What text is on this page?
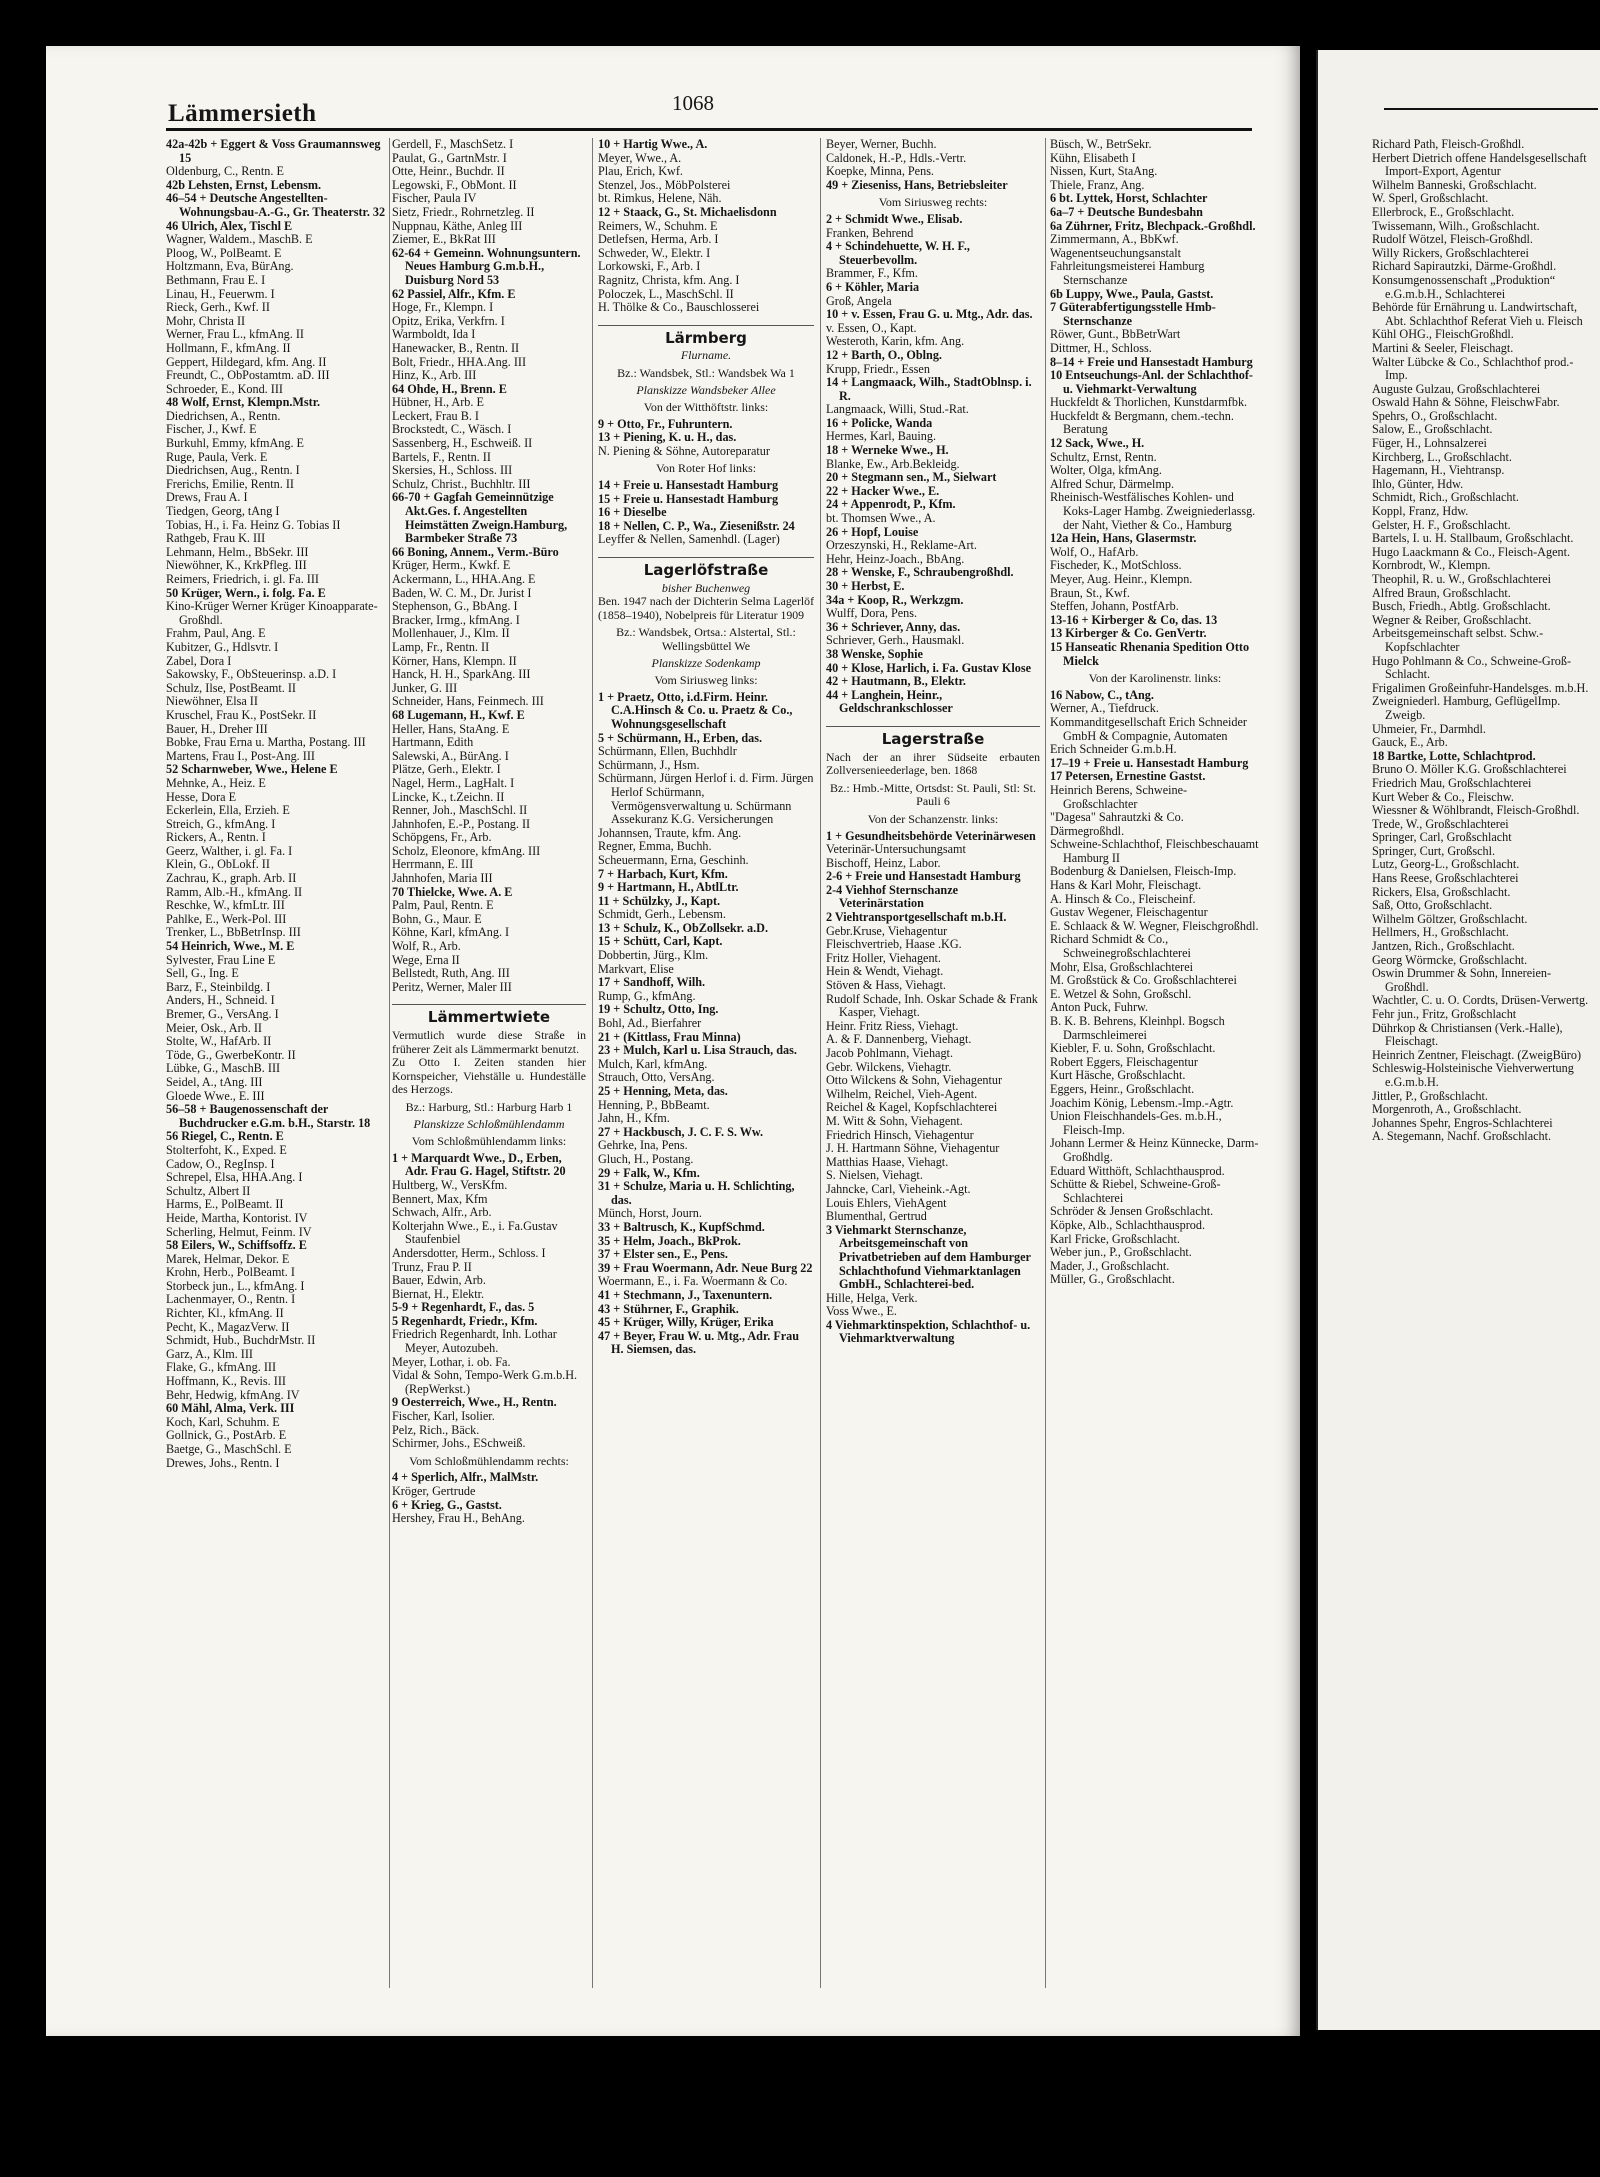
Lämmersieth	1068
42a-42b + Eggert & Voss Graumannsweg 15
Oldenburg, C., Rentn. E
42b Lehsten, Ernst, Lebensm.
46–54 + Deutsche Angestellten-Wohnungsbau-A.-G., Gr. Theaterstr. 32
46 Ulrich, Alex, Tischl E
Wagner, Waldem., MaschB. E
Ploog, W., PolBeamt. E
Holtzmann, Eva, BürAng.
Bethmann, Frau E. I
Linau, H., Feuerwm. I
Rieck, Gerh., Kwf. II
Mohr, Christa II
Werner, Frau L., kfmAng. II
Hollmann, F., kfmAng. II
Geppert, Hildegard, kfm. Ang. II
Freundt, C., ObPostamtm. aD. III
Schroeder, E., Kond. III
48 Wolf, Ernst, Klempn.Mstr.
Diedrichsen, A., Rentn.
Fischer, J., Kwf. E
Burkuhl, Emmy, kfmAng. E
Ruge, Paula, Verk. E
Diedrichsen, Aug., Rentn. I
Frerichs, Emilie, Rentn. II
Drews, Frau A. I
Tiedgen, Georg, tAng I
Tobias, H., i. Fa. Heinz G. Tobias II
Rathgeb, Frau K. III
Lehmann, Helm., BbSekr. III
Niewöhner, K., KrkPfleg. III
Reimers, Friedrich, i. gl. Fa. III
50 Krüger, Wern., i. folg. Fa. E
Kino-Krüger Werner Krüger Kinoapparate-Großhdl.
Frahm, Paul, Ang. E
Kubitzer, G., Hdlsvtr. I
Zabel, Dora I
Sakowsky, F., ObSteuerinsp. a.D. I
Schulz, Ilse, PostBeamt. II
Niewöhner, Elsa II
Kruschel, Frau K., PostSekr. II
Bauer, H., Dreher III
Bobke, Frau Erna u. Martha, Postang. III
Martens, Frau I., Post-Ang. III
52 Scharnweber, Wwe., Helene E
Mehnke, A., Heiz. E
Hesse, Dora E
Eckerlein, Ella, Erzieh. E
Streich, G., kfmAng. I
Rickers, A., Rentn. I
Geerz, Walther, i. gl. Fa. I
Klein, G., ObLokf. II
Zachrau, K., graph. Arb. II
Ramm, Alb.-H., kfmAng. II
Reschke, W., kfmLtr. III
Pahlke, E., Werk-Pol. III
Trenker, L., BbBetrInsp. III
54 Heinrich, Wwe., M. E
Sylvester, Frau Line E
Sell, G., Ing. E
Barz, F., Steinbildg. I
Anders, H., Schneid. I
Bremer, G., VersAng. I
Meier, Osk., Arb. II
Stolte, W., HafArb. II
Töde, G., GwerbeKontr. II
Lübke, G., MaschB. III
Seidel, A., tAng. III
Gloede Wwe., E. III
56–58 + Baugenossenschaft der Buchdrucker e.G.m. b.H., Starstr. 18
56 Riegel, C., Rentn. E
Stolterfoht, K., Exped. E
Cadow, O., RegInsp. I
Schrepel, Elsa, HHA.Ang. I
Schultz, Albert II
Harms, E., PolBeamt. II
Heide, Martha, Kontorist. IV
Scherling, Helmut, Feinm. IV
58 Eilers, W., Schiffsoffz. E
Marek, Helmar, Dekor. E
Krohn, Herb., PolBeamt. I
Storbeck jun., L., kfmAng. I
Lachenmayer, O., Rentn. I
Richter, Kl., kfmAng. II
Pecht, K., MagazVerw. II
Schmidt, Hub., BuchdrMstr. II
Garz, A., Klm. III
Flake, G., kfmAng. III
Hoffmann, K., Revis. III
Behr, Hedwig, kfmAng. IV
60 Mähl, Alma, Verk. III
Koch, Karl, Schuhm. E
Gollnick, G., PostArb. E
Baetge, G., MaschSchl. E
Drewes, Johs., Rentn. I
Gerdell, F., MaschSetz. I
Paulat, G., GartnMstr. I
Otte, Heinr., Buchdr. II
Legowski, F., ObMont. II
Fischer, Paula IV
Sietz, Friedr., Rohrnetzleg. II
Nuppnau, Käthe, Anleg III
Ziemer, E., BkRat III
62-64 + Gemeinn. Wohnungsuntern. Neues Hamburg G.m.b.H., Duisburg Nord 53
62 Passiel, Alfr., Kfm. E
Hoge, Fr., Klempn. I
Opitz, Erika, Verkfrn. I
Warmboldt, Ida I
Hanewacker, B., Rentn. II
Bolt, Friedr., HHA.Ang. III
Hinz, K., Arb. III
64 Ohde, H., Brenn. E
Hübner, H., Arb. E
Leckert, Frau B. I
Brockstedt, C., Wäsch. I
Sassenberg, H., Eschweiß. II
Bartels, F., Rentn. II
Skersies, H., Schloss. III
Schulz, Christ., Buchhltr. III
66-70 + Gagfah Gemeinnützige Akt.Ges. f. Angestellten Heimstätten Zweign.Hamburg, Barmbeker Straße 73
66 Boning, Annem., Verm.-Büro
Krüger, Herm., Kwkf. E
Ackermann, L., HHA.Ang. E
Baden, W. C. M., Dr. Jurist I
Stephenson, G., BbAng. I
Bracker, Irmg., kfmAng. I
Mollenhauer, J., Klm. II
Lamp, Fr., Rentn. II
Körner, Hans, Klempn. II
Hanck, H. H., SparkAng. III
Junker, G. III
Schneider, Hans, Feinmech. III
68 Lugemann, H., Kwf. E
Heller, Hans, StaAng. E
Hartmann, Edith
Salewski, A., BürAng. I
Plätze, Gerh., Elektr. I
Nagel, Herm., LagHalt. I
Lincke, K., t.Zeichn. II
Renner, Joh., MaschSchl. II
Jahnhofen, E.-P., Postang. II
Schöpgens, Fr., Arb.
Scholz, Eleonore, kfmAng. III
Herrmann, E. III
Jahnhofen, Maria III
70 Thielcke, Wwe. A. E
Palm, Paul, Rentn. E
Bohn, G., Maur. E
Köhne, Karl, kfmAng. I
Wolf, R., Arb.
Wege, Erna II
Bellstedt, Ruth, Ang. III
Peritz, Werner, Maler III
Lämmertwiete
Vermutlich wurde diese Straße in früherer Zeit als Lämmermarkt benutzt.
Zu Otto I. Zeiten standen hier Kornspeicher, Viehställe u. Hundeställe des Herzogs.
Bz.: Harburg, Stl.: Harburg Harb 1
Planskizze Schloßmühlendamm
Vom Schloßmühlendamm links:
1 + Marquardt Wwe., D., Erben, Adr. Frau G. Hagel, Stiftstr. 20
Hultberg, W., VersKfm.
Bennert, Max, Kfm
Schwach, Alfr., Arb.
Kolterjahn Wwe., E., i. Fa.Gustav Staufenbiel
Andersdotter, Herm., Schloss. I
Trunz, Frau P. II
Bauer, Edwin, Arb.
Biernat, H., Elektr.
5-9 + Regenhardt, F., das. 5
5 Regenhardt, Friedr., Kfm.
Friedrich Regenhardt, Inh. Lothar Meyer, Autozubeh.
Meyer, Lothar, i. ob. Fa.
Vidal & Sohn, Tempo-Werk G.m.b.H. (RepWerkst.)
9 Oesterreich, Wwe., H., Rentn.
Fischer, Karl, Isolier.
Pelz, Rich., Bäck.
Schirmer, Johs., ESchweiß.
Vom Schloßmühlendamm rechts:
4 + Sperlich, Alfr., MalMstr.
Kröger, Gertrude
6 + Krieg, G., Gastst.
Hershey, Frau H., BehAng.
10 + Hartig Wwe., A.
Meyer, Wwe., A.
Plau, Erich, Kwf.
Stenzel, Jos., MöbPolsterei
bt. Rimkus, Helene, Näh.
12 + Staack, G., St. Michaelisdonn
Reimers, W., Schuhm. E
Detlefsen, Herma, Arb. I
Schweder, W., Elektr. I
Lorkowski, F., Arb. I
Ragnitz, Christa, kfm. Ang. I
Poloczek, L., MaschSchl. II
H. Thölke & Co., Bauschlosserei
Lärmberg
Flurname.
Bz.: Wandsbek, Stl.: Wandsbek Wa 1
Planskizze Wandsbeker Allee
Von der Witthöftstr. links:
9 + Otto, Fr., Fuhruntern.
13 + Piening, K. u. H., das.
N. Piening & Söhne, Autoreparatur
Von Roter Hof links:
14 + Freie u. Hansestadt Hamburg
15 + Freie u. Hansestadt Hamburg
16 + Dieselbe
18 + Nellen, C. P., Wa., Ziesenißstr. 24
Leyffer & Nellen, Samenhdl. (Lager)
Lagerlöfstraße
bisher Buchenweg
Ben. 1947 nach der Dichterin Selma Lagerlöf (1858–1940), Nobelpreis für Literatur 1909
Bz.: Wandsbek, Ortsa.: Alstertal, Stl.: Wellingsbüttel We
Planskizze Sodenkamp
Vom Siriusweg links:
1 + Praetz, Otto, i.d.Firm. Heinr. C.A.Hinsch & Co. u. Praetz & Co., Wohnungsgesellschaft
5 + Schürmann, H., Erben, das.
Schürmann, Ellen, Buchhdlr
Schürmann, J., Hsm.
Schürmann, Jürgen Herlof i. d. Firm. Jürgen Herlof Schürmann, Vermögensverwaltung u. Schürmann Assekuranz K.G. Versicherungen
Johannsen, Traute, kfm. Ang.
Regner, Emma, Buchh.
Scheuermann, Erna, Geschinh.
7 + Harbach, Kurt, Kfm.
9 + Hartmann, H., AbtlLtr.
11 + Schülzky, J., Kapt.
Schmidt, Gerh., Lebensm.
13 + Schulz, K., ObZollsekr. a.D.
15 + Schütt, Carl, Kapt.
Dobbertin, Jürg., Klm.
Markvart, Elise
17 + Sandhoff, Wilh.
Rump, G., kfmAng.
19 + Schultz, Otto, Ing.
Bohl, Ad., Bierfahrer
21 + (Kittlass, Frau Minna)
23 + Mulch, Karl u. Lisa Strauch, das.
Mulch, Karl, kfmAng.
Strauch, Otto, VersAng.
25 + Henning, Meta, das.
Henning, P., BbBeamt.
Jahn, H., Kfm.
27 + Hackbusch, J. C. F. S. Ww.
Gehrke, Ina, Pens.
Gluch, H., Postang.
29 + Falk, W., Kfm.
31 + Schulze, Maria u. H. Schlichting, das.
Münch, Horst, Journ.
33 + Baltrusch, K., KupfSchmd.
35 + Helm, Joach., BkProk.
37 + Elster sen., E., Pens.
39 + Frau Woermann, Adr. Neue Burg 22
Woermann, E., i. Fa. Woermann & Co.
41 + Stechmann, J., Taxenuntern.
43 + Stührner, F., Graphik.
45 + Krüger, Willy, Krüger, Erika
47 + Beyer, Frau W. u. Mtg., Adr. Frau H. Siemsen, das.
Beyer, Werner, Buchh.
Caldonek, H.-P., Hdls.-Vertr.
Koepke, Minna, Pens.
49 + Zieseniss, Hans, Betriebsleiter
Vom Siriusweg rechts:
2 + Schmidt Wwe., Elisab.
Franken, Behrend
4 + Schindehuette, W. H. F., Steuerbevollm.
Brammer, F., Kfm.
6 + Köhler, Maria
Groß, Angela
10 + v. Essen, Frau G. u. Mtg., Adr. das.
v. Essen, O., Kapt.
Westeroth, Karin, kfm. Ang.
12 + Barth, O., Oblng.
Krupp, Friedr., Essen
14 + Langmaack, Wilh., StadtOblnsp. i. R.
Langmaack, Willi, Stud.-Rat.
16 + Policke, Wanda
Hermes, Karl, Bauing.
18 + Werneke Wwe., H.
Blanke, Ew., Arb.Bekleidg.
20 + Stegmann sen., M., Sielwart
22 + Hacker Wwe., E.
24 + Appenrodt, P., Kfm.
bt. Thomsen Wwe., A.
26 + Hopf, Louise
Orzeszynski, H., Reklame-Art.
Hehr, Heinz-Joach., BbAng.
28 + Wenske, F., Schraubengroßhdl.
30 + Herbst, E.
34a + Koop, R., Werkzgm.
Wulff, Dora, Pens.
36 + Schriever, Anny, das.
Schriever, Gerh., Hausmakl.
38 Wenske, Sophie
40 + Klose, Harlich, i. Fa. Gustav Klose
42 + Hautmann, B., Elektr.
44 + Langhein, Heinr., Geldschrankschlosser
Lagerstraße
Nach der an ihrer Südseite erbauten Zollversenieederlage, ben. 1868
Bz.: Hmb.-Mitte, Ortsdst: St. Pauli, Stl: St. Pauli 6
Von der Schanzenstr. links:
1 + Gesundheitsbehörde Veterinärwesen
Veterinär-Untersuchungsamt
Bischoff, Heinz, Labor.
2-6 + Freie und Hansestadt Hamburg
2-4 Viehhof Sternschanze Veterinärstation
2 Viehtransportgesellschaft m.b.H.
Gebr.Kruse, Viehagentur
Fleischvertrieb, Haase .KG.
Fritz Holler, Viehagent.
Hein & Wendt, Viehagt.
Stöven & Hass, Viehagt.
Rudolf Schade, Inh. Oskar Schade & Frank Kasper, Viehagt.
Heinr. Fritz Riess, Viehagt.
A. & F. Dannenberg, Viehagt.
Jacob Pohlmann, Viehagt.
Gebr. Wilckens, Viehagtr.
Otto Wilckens & Sohn, Viehagentur
Wilhelm, Reichel, Vieh-Agent.
Reichel & Kagel, Kopfschlachterei
M. Witt & Sohn, Viehagent.
Friedrich Hinsch, Viehagentur
J. H. Hartmann Söhne, Viehagentur
Matthias Haase, Viehagt.
S. Nielsen, Viehagt.
Jahncke, Carl, Vieheink.-Agt.
Louis Ehlers, ViehAgent
Blumenthal, Gertrud
3 Viehmarkt Sternschanze, Arbeitsgemeinschaft von Privatbetrieben auf dem Hamburger Schlachthofund Viehmarktanlagen GmbH., Schlachterei-bed.
Hille, Helga, Verk.
Voss Wwe., E.
4 Viehmarktinspektion, Schlachthof- u. Viehmarktverwaltung
Büsch, W., BetrSekr.
Kühn, Elisabeth I
Nissen, Kurt, StaAng.
Thiele, Franz, Ang.
6 bt. Lyttek, Horst, Schlachter
6a–7 + Deutsche Bundesbahn
6a Zührner, Fritz, Blechpack.-Großhdl.
Zimmermann, A., BbKwf.
Wagenentseuchungsanstalt
Fahrleitungsmeisterei Hamburg Sternschanze
6b Luppy, Wwe., Paula, Gastst.
7 Güterabfertigungsstelle Hmb-Sternschanze
Röwer, Gunt., BbBetrWart
Dittmer, H., Schloss.
8–14 + Freie und Hansestadt Hamburg
10 Entseuchungs-Anl. der Schlachthof- u. Viehmarkt-Verwaltung
Huckfeldt & Thorlichen, Kunstdarmfbk.
Huckfeldt & Bergmann, chem.-techn. Beratung
12 Sack, Wwe., H.
Schultz, Ernst, Rentn.
Wolter, Olga, kfmAng.
Alfred Schur, Därmelmp.
Rheinisch-Westfälisches Kohlen- und Koks-Lager Hambg. Zweigniederlassg. der Naht, Viether & Co., Hamburg
12a Hein, Hans, Glasermstr.
Wolf, O., HafArb.
Fischeder, K., MotSchloss.
Meyer, Aug. Heinr., Klempn.
Braun, St., Kwf.
Steffen, Johann, PostfArb.
13-16 + Kirberger & Co, das. 13
13 Kirberger & Co. GenVertr.
15 Hanseatic Rhenania Spedition Otto Mielck
Von der Karolinenstr. links:
16 Nabow, C., tAng.
Werner, A., Tiefdruck.
Kommanditgesellschaft Erich Schneider GmbH & Compagnie, Automaten
Erich Schneider G.m.b.H.
17–19 + Freie u. Hansestadt Hamburg
17 Petersen, Ernestine Gastst.
Heinrich Berens, Schweine-Großschlachter
"Dagesa" Sahrautzki & Co.
Därmegroßhdl.
Schweine-Schlachthof, Fleischbeschauamt Hamburg II
Bodenburg & Danielsen, Fleisch-Imp.
Hans & Karl Mohr, Fleischagt.
A. Hinsch & Co., Fleischeinf.
Gustav Wegener, Fleischagentur
E. Schlaack & W. Wegner, Fleischgroßhdl.
Richard Schmidt & Co., Schweinegroßschlachterei
Mohr, Elsa, Großschlachterei
M. Großstück & Co. Großschlachterei
E. Wetzel & Sohn, Großschl.
Anton Puck, Fuhrw.
B. K. B. Behrens, Kleinhpl. Bogsch Darmschleimerei
Kiebler, F. u. Sohn, Großschlacht.
Robert Eggers, Fleischagentur
Kurt Häsche, Großschlacht.
Eggers, Heinr., Großschlacht.
Joachim König, Lebensm.-Imp.-Agtr.
Union Fleischhandels-Ges. m.b.H., Fleisch-Imp.
Johann Lermer & Heinz Künnecke, Darm-Großhdlg.
Eduard Witthöft, Schlachthausprod.
Schütte & Riebel, Schweine-Groß-Schlachterei
Schröder & Jensen Großschlacht.
Köpke, Alb., Schlachthausprod.
Karl Fricke, Großschlacht.
Weber jun., P., Großschlacht.
Mader, J., Großschlacht.
Müller, G., Großschlacht.
Richard Path, Fleisch-Großhdl.
Herbert Dietrich offene Handelsgesellschaft Import-Export, Agentur
Wilhelm Banneski, Großschlacht.
W. Sperl, Großschlacht.
Ellerbrock, E., Großschlacht.
Twissemann, Wilh., Großschlacht.
Rudolf Wötzel, Fleisch-Großhdl.
Willy Rickers, Großschlachterei
Richard Sapirautzki, Därme-Großhdl.
Konsumgenossenschaft „Produktion“ e.G.m.b.H., Schlachterei
Behörde für Ernährung u. Landwirtschaft, Abt. Schlachthof Referat Vieh u. Fleisch
Kühl OHG., FleischGroßhdl.
Martini & Seeler, Fleischagt.
Walter Lübcke & Co., Schlachthof prod.-Imp.
Auguste Gulzau, Großschlachterei
Oswald Hahn & Söhne, FleischwFabr.
Spehrs, O., Großschlacht.
Salow, E., Großschlacht.
Füger, H., Lohnsalzerei
Kirchberg, L., Großschlacht.
Hagemann, H., Viehtransp.
Ihlo, Günter, Hdw.
Schmidt, Rich., Großschlacht.
Koppl, Franz, Hdw.
Gelster, H. F., Großschlacht.
Bartels, I. u. H. Stallbaum, Großschlacht.
Hugo Laackmann & Co., Fleisch-Agent.
Kornbrodt, W., Klempn.
Theophil, R. u. W., Großschlachterei
Alfred Braun, Großschlacht.
Busch, Friedh., Abtlg. Großschlacht.
Wegner & Reiber, Großschlacht.
Arbeitsgemeinschaft selbst. Schw.-Kopfschlachter
Hugo Pohlmann & Co., Schweine-Groß-Schlacht.
Frigalimen Großeinfuhr-Handelsges. m.b.H.
Zweigniederl. Hamburg, GeflügelImp. Zweigb.
Uhmeier, Fr., Darmhdl.
Gauck, E., Arb.
18 Bartke, Lotte, Schlachtprod.
Bruno O. Möller K.G. Großschlachterei
Friedrich Mau, Großschlachterei
Kurt Weber & Co., Fleischw.
Wiessner & Wöhlbrandt, Fleisch-Großhdl.
Trede, W., Großschlachterei
Springer, Carl, Großschlacht
Springer, Curt, Großschl.
Lutz, Georg-L., Großschlacht.
Hans Reese, Großschlachterei
Rickers, Elsa, Großschlacht.
Saß, Otto, Großschlacht.
Wilhelm Göltzer, Großschlacht.
Hellmers, H., Großschlacht.
Jantzen, Rich., Großschlacht.
Georg Wörmcke, Großschlacht.
Oswin Drummer & Sohn, Innereien-Großhdl.
Wachtler, C. u. O. Cordts, Drüsen-Verwertg.
Fehr jun., Fritz, Großschlacht
Dührkop & Christiansen (Verk.-Halle), Fleischagt.
Heinrich Zentner, Fleischagt. (ZweigBüro)
Schleswig-Holsteinische Viehverwertung e.G.m.b.H.
Jittler, P., Großschlacht.
Morgenroth, A., Großschlacht.
Johannes Spehr, Engros-Schlachterei
A. Stegemann, Nachf. Großschlacht.
